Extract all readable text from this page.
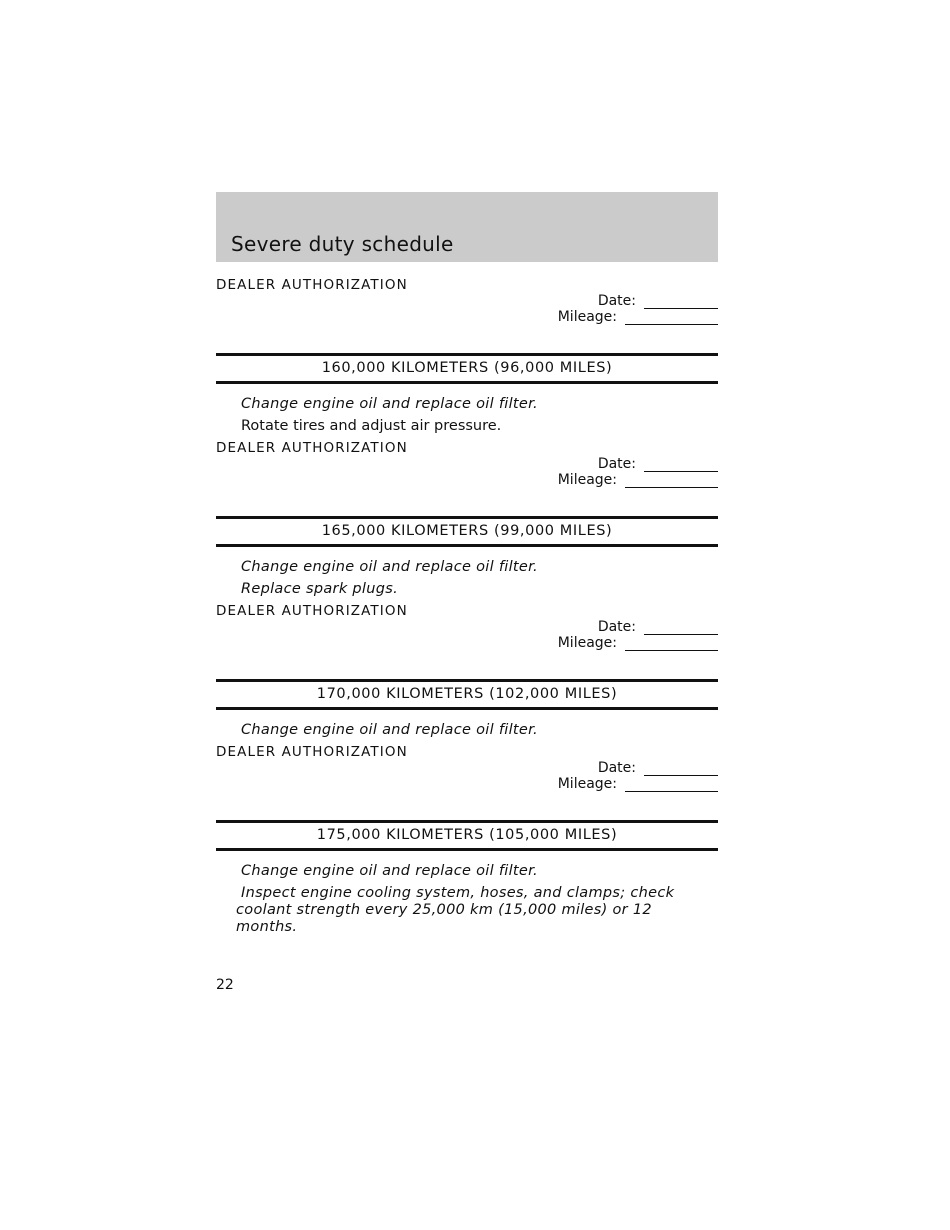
Severe duty schedule
DEALER AUTHORIZATION
Date:
Mileage:
160,000 KILOMETERS (96,000 MILES)
Change engine oil and replace oil filter.
Rotate tires and adjust air pressure.
DEALER AUTHORIZATION
Date:
Mileage:
165,000 KILOMETERS (99,000 MILES)
Change engine oil and replace oil filter.
Replace spark plugs.
DEALER AUTHORIZATION
Date:
Mileage:
170,000 KILOMETERS (102,000 MILES)
Change engine oil and replace oil filter.
DEALER AUTHORIZATION
Date:
Mileage:
175,000 KILOMETERS (105,000 MILES)
Change engine oil and replace oil filter.
Inspect engine cooling system, hoses, and clamps; check coolant strength every 25,000 km (15,000 miles) or 12 months.
22
